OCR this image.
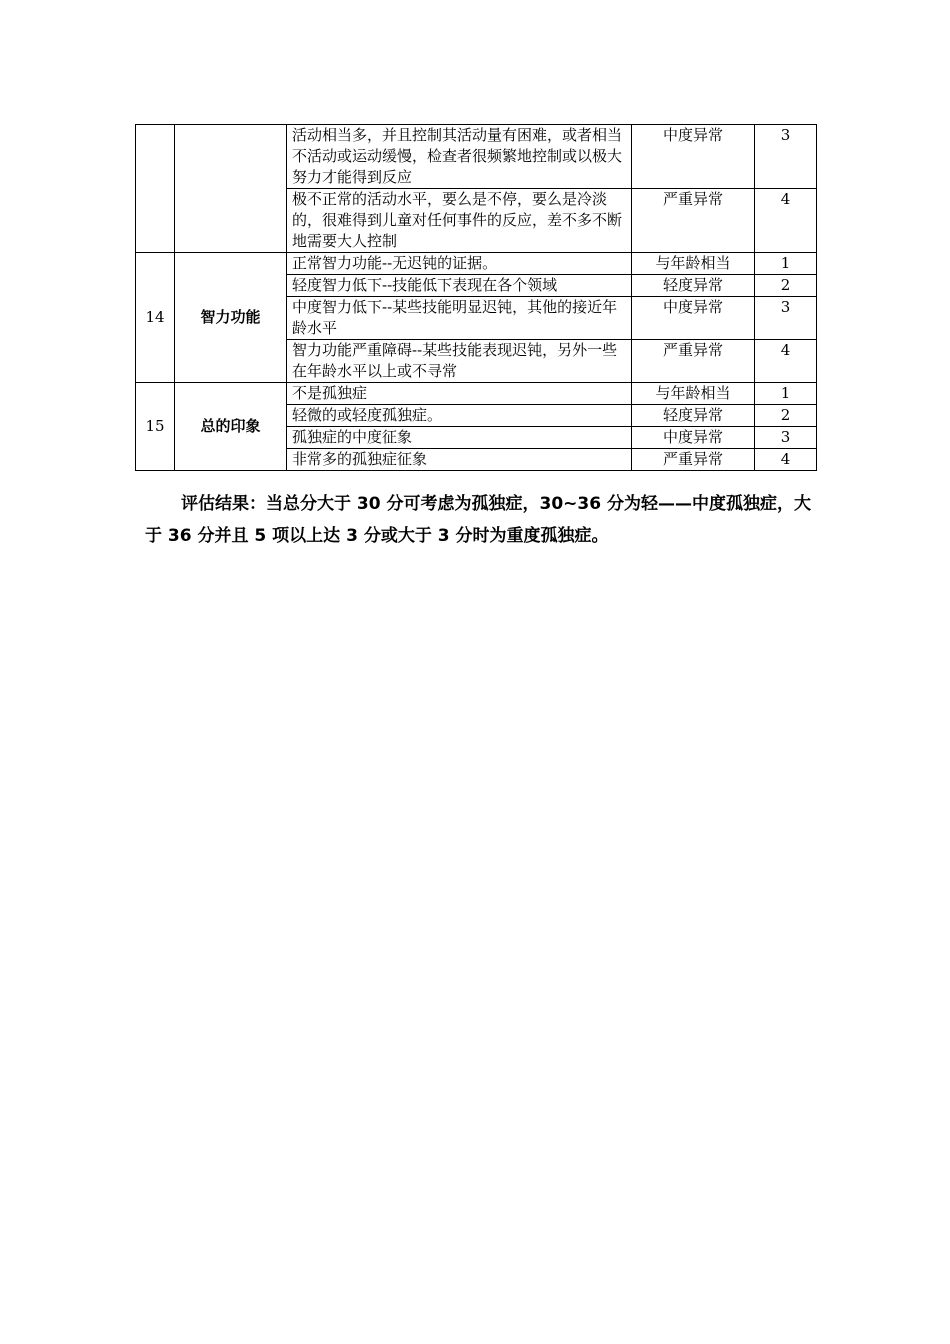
		活动相当多，并且控制其活动量有困难，或者相当不活动或运动缓慢，检查者很频繁地控制或以极大努力才能得到反应	中度异常	3
		极不正常的活动水平，要么是不停，要么是冷淡的，很难得到儿童对任何事件的反应，差不多不断地需要大人控制	严重异常	4
14	智力功能	正常智力功能--无迟钝的证据。	与年龄相当	1
		轻度智力低下--技能低下表现在各个领域	轻度异常	2
		中度智力低下--某些技能明显迟钝，其他的接近年龄水平	中度异常	3
		智力功能严重障碍--某些技能表现迟钝，另外一些在年龄水平以上或不寻常	严重异常	4
15	总的印象	不是孤独症	与年龄相当	1
		轻微的或轻度孤独症。	轻度异常	2
		孤独症的中度征象	中度异常	3
		非常多的孤独症征象	严重异常	4

评估结果：当总分大于 30 分可考虑为孤独症，30~36 分为轻——中度孤独症，大于 36 分并且 5 项以上达 3 分或大于 3 分时为重度孤独症。
